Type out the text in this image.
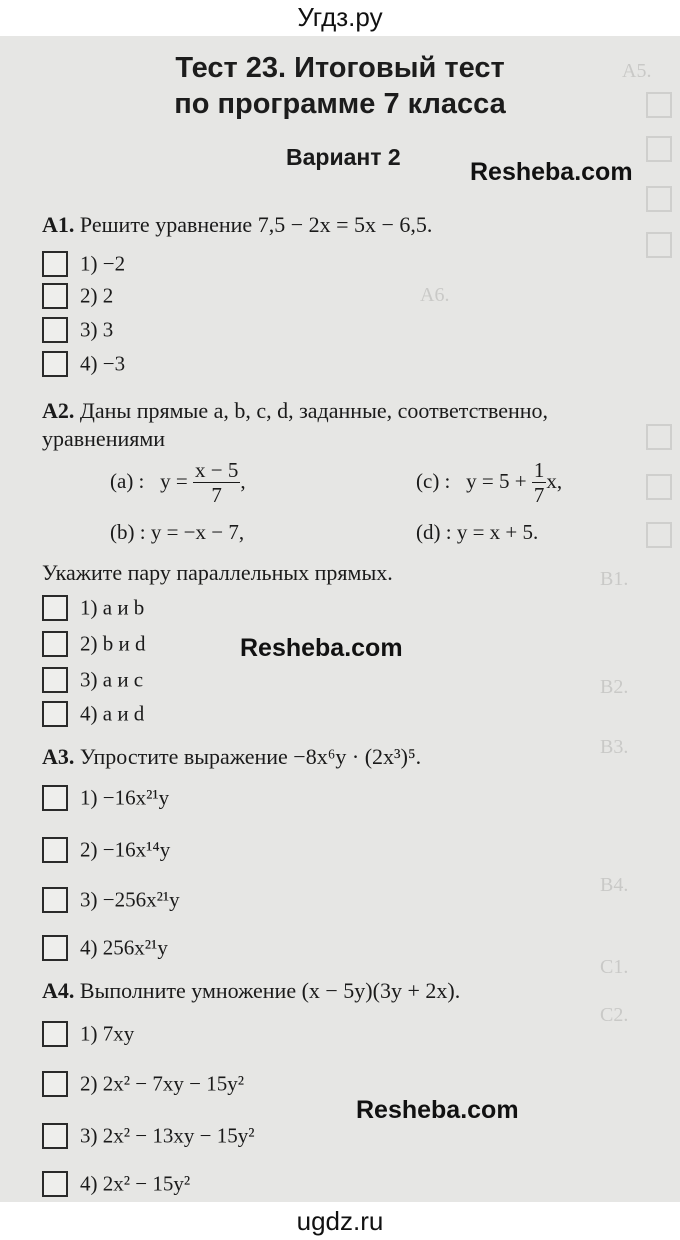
Угдз.ру
А5.
А6.
В1.
В2.
В3.
В4.
С1.
С2.
Тест 23. Итоговый тест
по программе 7 класса
Вариант 2
Resheba.com
А1. Решите уравнение 7,5 − 2x = 5x − 6,5.
1) −2
2) 2
3) 3
4) −3
А2. Даны прямые a, b, c, d, заданные, соответственно,
уравнениями
(a) : $y = \frac{x - 5}{7}$ ,	(c) : $y = 5 + \frac{1}{7} x$,
(b) : y = −x − 7,	(d) : y = x + 5.
Укажите пару параллельных прямых.
1) a и b
2) b и d
3) a и c
4) a и d
Resheba.com
А3. Упростите выражение −8x⁶y · (2x³)⁵.
1) −16x²¹y
2) −16x¹⁴y
3) −256x²¹y
4) 256x²¹y
А4. Выполните умножение (x − 5y)(3y + 2x).
1) 7xy
2) 2x² − 7xy − 15y²
3) 2x² − 13xy − 15y²
4) 2x² − 15y²
Resheba.com
ugdz.ru
